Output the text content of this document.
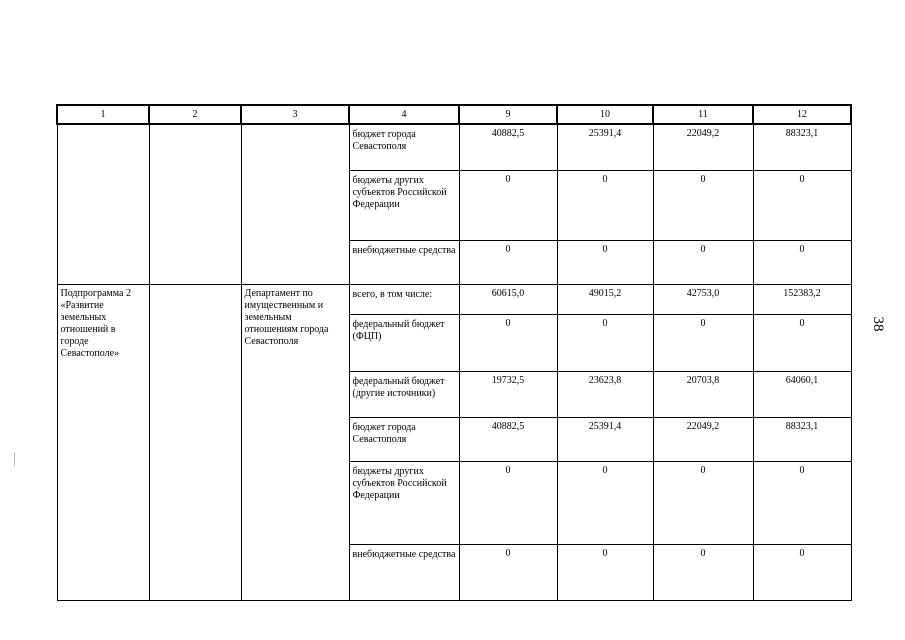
38
1	2	3	4	9	10	11	12
			бюджет города Севастополя	40882,5	25391,4	22049,2	88323,1
			бюджеты других субъектов Российской Федерации	0	0	0	0
			внебюджетные средства	0	0	0	0
Подпрограмма 2 «Развитие земельных отношений в городе Севастополе»		Департамент по имущественным и земельным отношениям города Севастополя	всего, в том числе:	60615,0	49015,2	42753,0	152383,2
			федеральный бюджет (ФЦП)	0	0	0	0
			федеральный бюджет (другие источники)	19732,5	23623,8	20703,8	64060,1
			бюджет города Севастополя	40882,5	25391,4	22049,2	88323,1
			бюджеты других субъектов Российской Федерации	0	0	0	0
			внебюджетные средства	0	0	0	0
